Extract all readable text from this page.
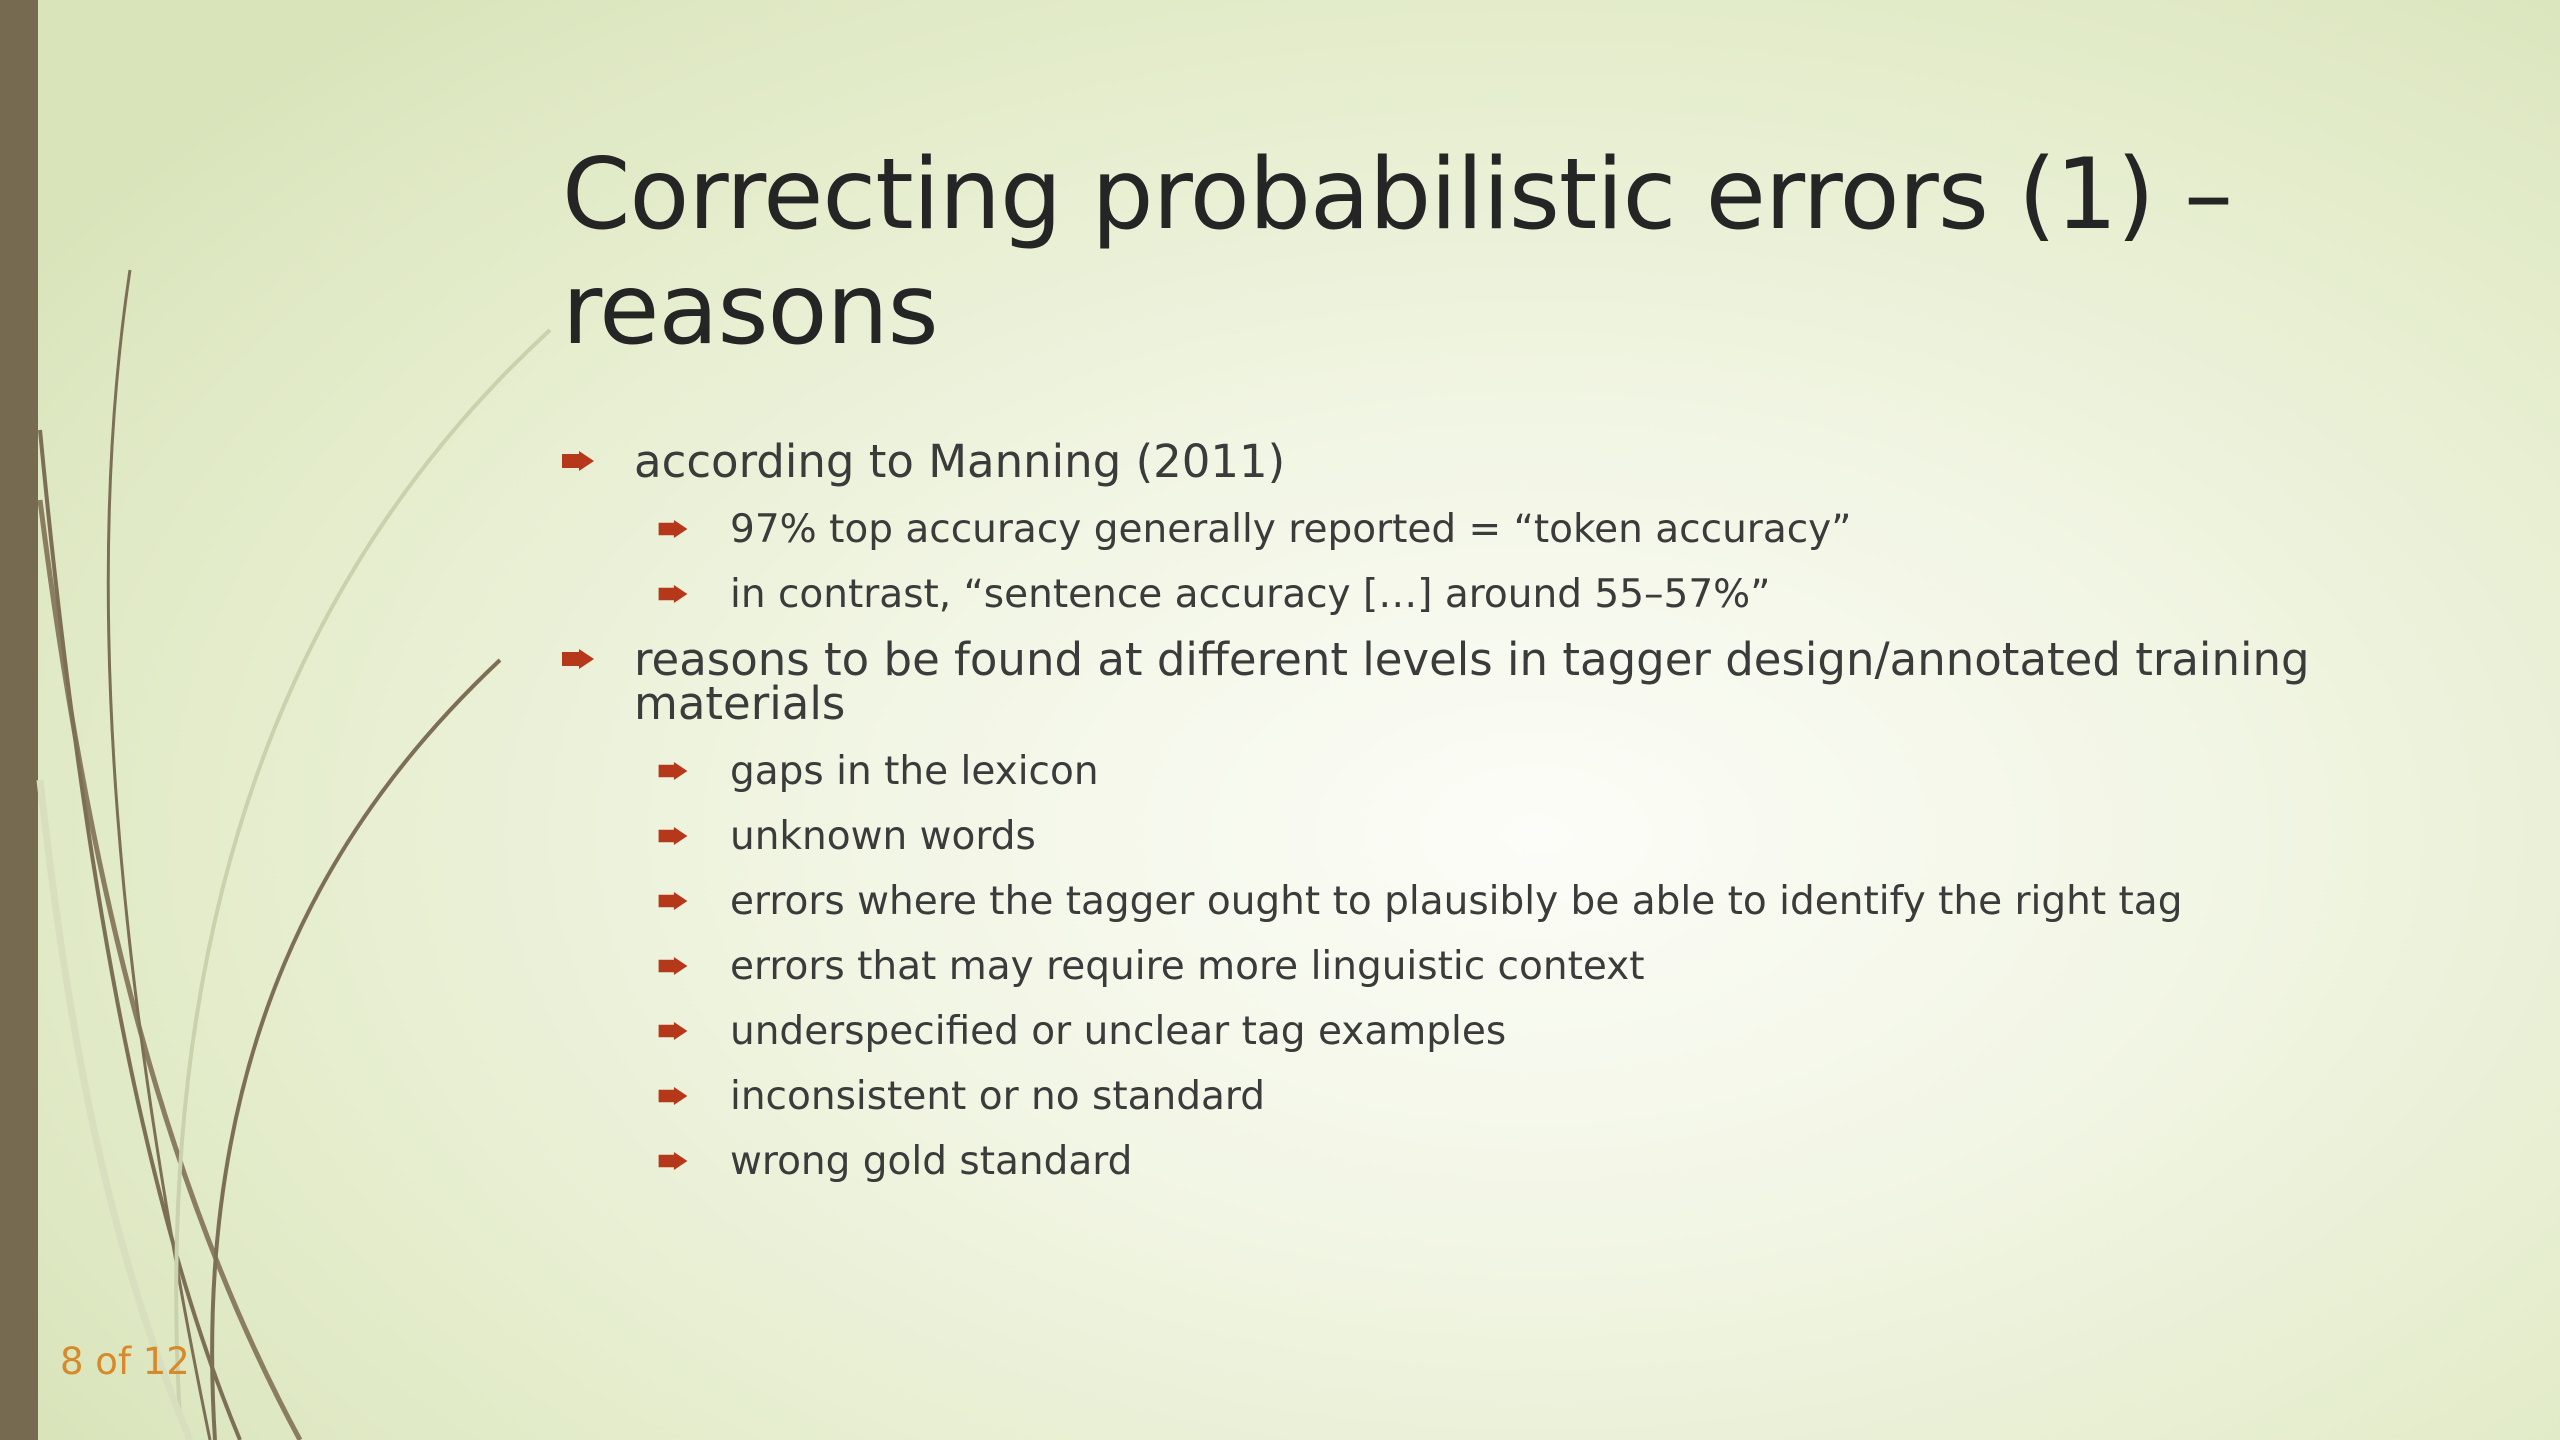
Correcting probabilistic errors (1) – reasons
according to Manning (2011)
97% top accuracy generally reported = “token accuracy”
in contrast, “sentence accuracy […] around 55–57%”
reasons to be found at different levels in tagger design/annotated training materials
gaps in the lexicon
unknown words
errors where the tagger ought to plausibly be able to identify the right tag
errors that may require more linguistic context
underspecified or unclear tag examples
inconsistent or no standard
wrong gold standard
8 of 12
